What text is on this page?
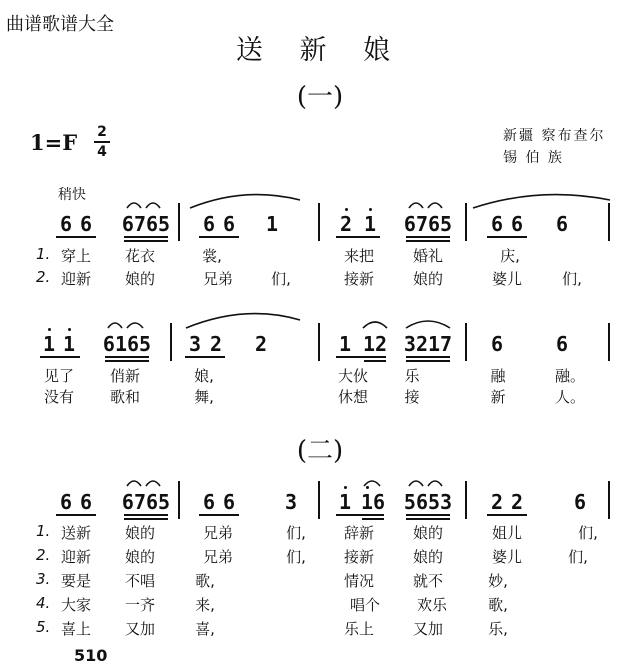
曲谱歌谱大全
送 新 娘
(一)
1=F 2
4
新疆 察布查尔
锡 伯 族
稍快
6 6 6765 6 6 1	2 1 6765 6 6 6
1. 穿上 花衣	裳,	来把	婚礼	庆,
2. 迎新 娘的	兄弟	们,	接新	娘的	婆儿	们,
1 1 6165 3 2 2	1 12 3217 6	6
见了 俏新	娘,	大伙 乐	融	融。
没有 歌和	舞,	休想 接	新	人。
(二)
6 6 6765 6 6 3 1 16 5653 2 2	6
1. 送新 娘的	兄弟	们,	辞新	娘的	姐儿	们,
2. 迎新 娘的	兄弟	们,	接新	娘的	婆儿	们,
3. 要是 不唱	歌,	情况	就不	妙,
4. 大家 一齐	来,	唱个 欢乐	歌,
5. 喜上 又加	喜,	乐上	又加	乐,
510
